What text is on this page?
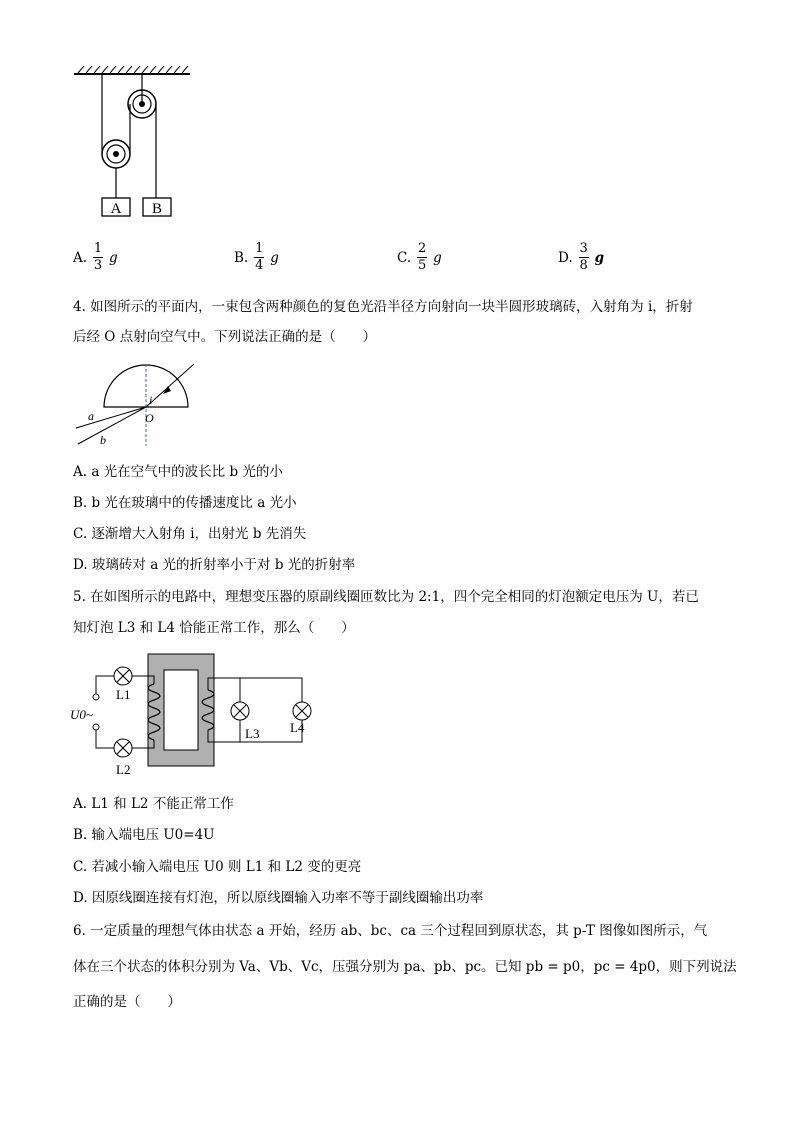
A B
A. $\frac{1}{3}$ g	B. $\frac{1}{4}$ g	C. $\frac{2}{5}$ g	D. $\frac{3}{8}$ g
4. 如图所示的平面内，一束包含两种颜色的复色光沿半径方向射向一块半圆形玻璃砖，入射角为 i，折射
后经 O 点射向空气中。下列说法正确的是（　　）
i
O
a
b
A. a 光在空气中的波长比 b 光的小
B. b 光在玻璃中的传播速度比 a 光小
C. 逐渐增大入射角 i，出射光 b 先消失
D. 玻璃砖对 a 光的折射率小于对 b 光的折射率
5. 在如图所示的电路中，理想变压器的原副线圈匝数比为 2:1，四个完全相同的灯泡额定电压为 U，若已
知灯泡 L3 和 L4 恰能正常工作，那么（　　）
L1
L2
L3 L4
U0~
A. L1 和 L2 不能正常工作
B. 输入端电压 U0=4U
C. 若减小输入端电压 U0 则 L1 和 L2 变的更亮
D. 因原线圈连接有灯泡，所以原线圈输入功率不等于副线圈输出功率
6. 一定质量的理想气体由状态 a 开始，经历 ab、bc、ca 三个过程回到原状态，其 p-T 图像如图所示，气
体在三个状态的体积分别为 Va、Vb、Vc，压强分别为 pa、pb、pc。已知 pb = p0，pc = 4p0，则下列说法
正确的是（　　）
